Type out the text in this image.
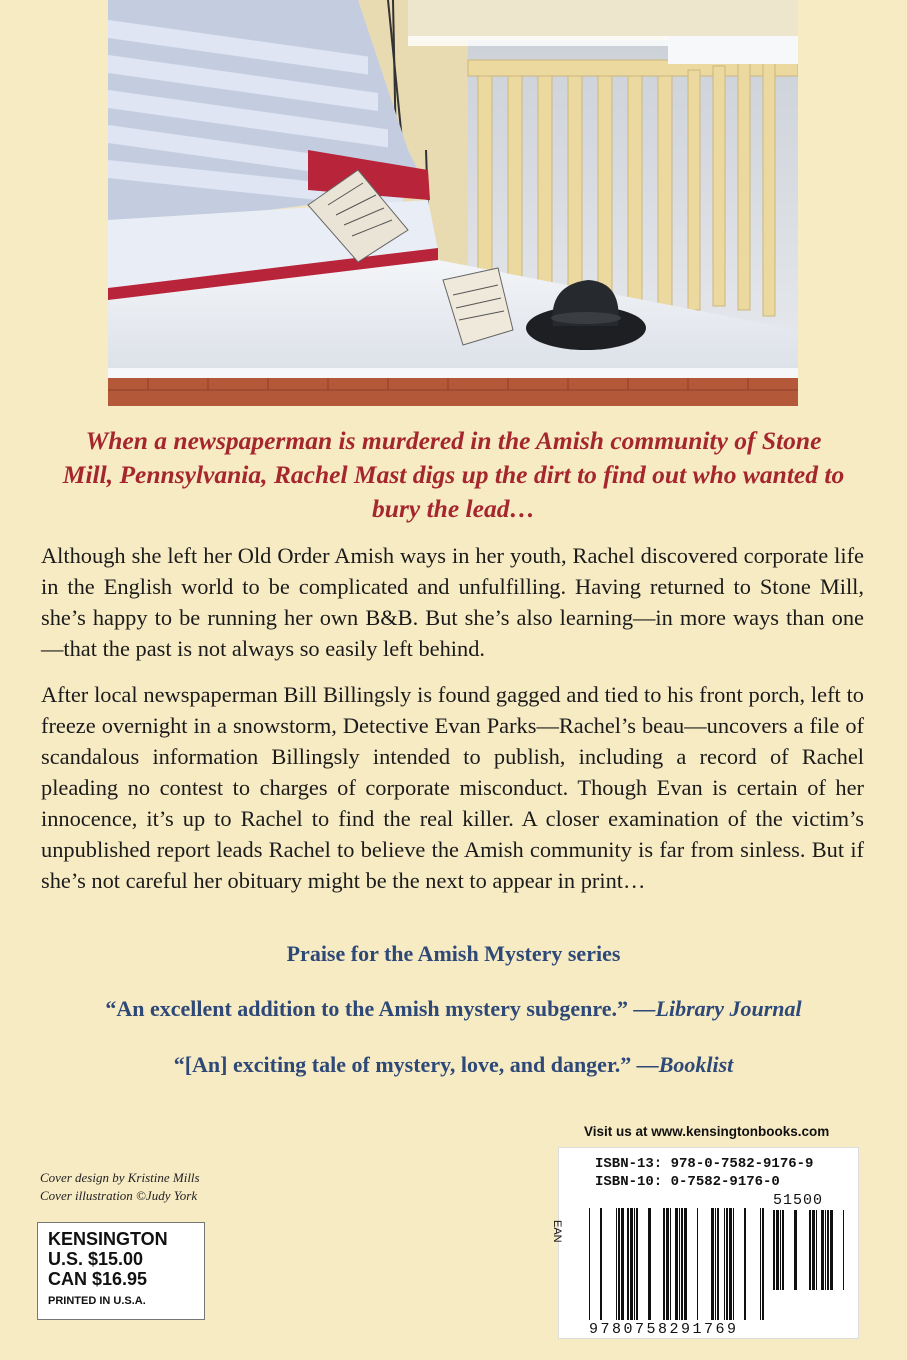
When a newspaperman is murdered in the Amish community of Stone Mill, Pennsylvania, Rachel Mast digs up the dirt to find out who wanted to bury the lead…

Although she left her Old Order Amish ways in her youth, Rachel discovered corporate life in the English world to be complicated and unfulfilling. Having returned to Stone Mill, she’s happy to be running her own B&B. But she’s also learning—in more ways than one—that the past is not always so easily left behind.

After local newspaperman Bill Billingsly is found gagged and tied to his front porch, left to freeze overnight in a snowstorm, Detective Evan Parks—Rachel’s beau—uncovers a file of scandalous information Billingsly intended to publish, including a record of Rachel pleading no contest to charges of corporate misconduct. Though Evan is certain of her innocence, it’s up to Rachel to find the real killer. A closer examination of the victim’s unpublished report leads Rachel to believe the Amish community is far from sinless. But if she’s not careful her obituary might be the next to appear in print…

Praise for the Amish Mystery series

“An excellent addition to the Amish mystery subgenre.” —Library Journal

“[An] exciting tale of mystery, love, and danger.” —Booklist

Cover design by Kristine Mills
Cover illustration ©Judy York
KENSINGTON
U.S. $15.00
CAN $16.95
PRINTED IN U.S.A.
Visit us at www.kensingtonbooks.com
ISBN-13: 978-0-7582-9176-9
ISBN-10: 0-7582-9176-0
51500
EAN
9780758291769
